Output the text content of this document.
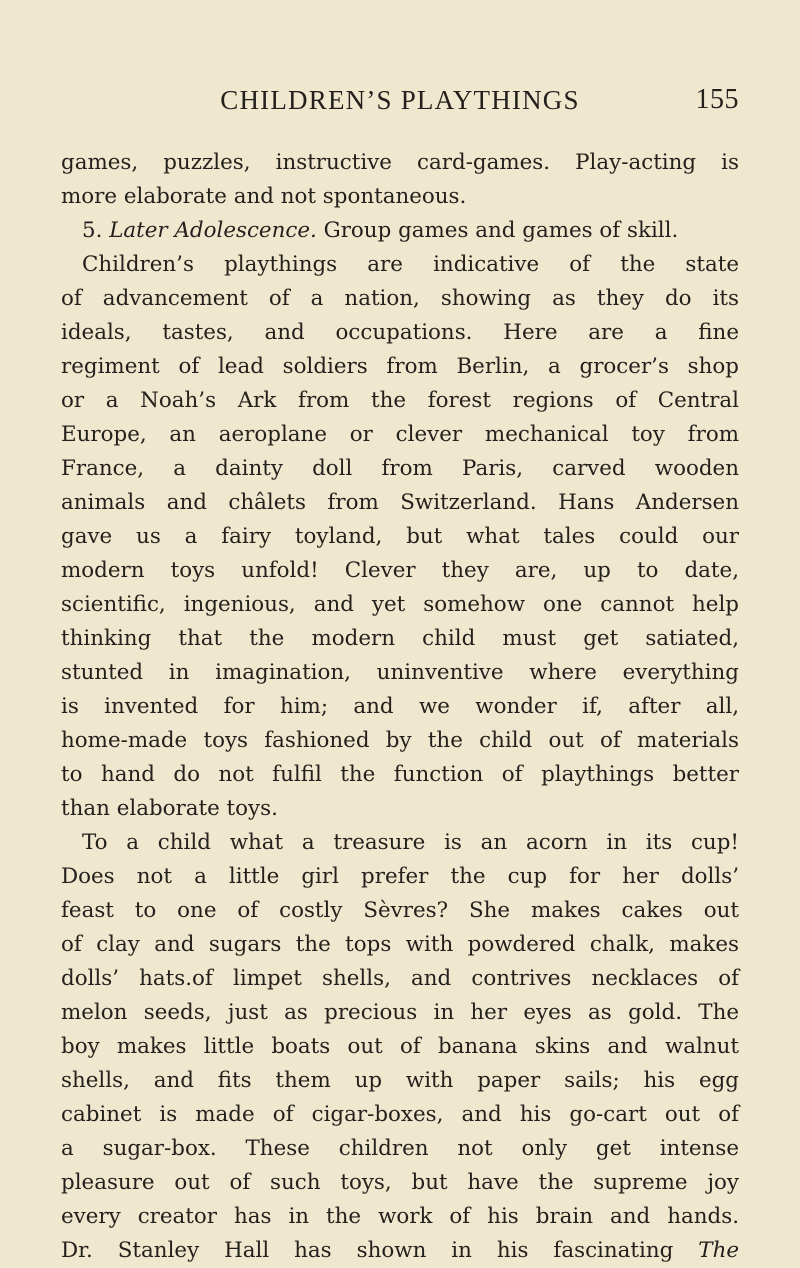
CHILDREN’S PLAYTHINGS	155
games, puzzles, instructive card-games. Play-acting is
more elaborate and not spontaneous.
5. Later Adolescence. Group games and games of skill.
Children’s playthings are indicative of the state
of advancement of a nation, showing as they do its
ideals, tastes, and occupations. Here are a fine
regiment of lead soldiers from Berlin, a grocer’s shop
or a Noah’s Ark from the forest regions of Central
Europe, an aeroplane or clever mechanical toy from
France, a dainty doll from Paris, carved wooden
animals and châlets from Switzerland. Hans Andersen
gave us a fairy toyland, but what tales could our
modern toys unfold! Clever they are, up to date,
scientific, ingenious, and yet somehow one cannot help
thinking that the modern child must get satiated,
stunted in imagination, uninventive where everything
is invented for him; and we wonder if, after all,
home-made toys fashioned by the child out of materials
to hand do not fulfil the function of playthings better
than elaborate toys.
To a child what a treasure is an acorn in its cup!
Does not a little girl prefer the cup for her dolls’
feast to one of costly Sèvres? She makes cakes out
of clay and sugars the tops with powdered chalk, makes
dolls’ hats.of limpet shells, and contrives necklaces of
melon seeds, just as precious in her eyes as gold. The
boy makes little boats out of banana skins and walnut
shells, and fits them up with paper sails; his egg
cabinet is made of cigar-boxes, and his go-cart out of
a sugar-box. These children not only get intense
pleasure out of such toys, but have the supreme joy
every creator has in the work of his brain and hands.
Dr. Stanley Hall has shown in his fascinating The
